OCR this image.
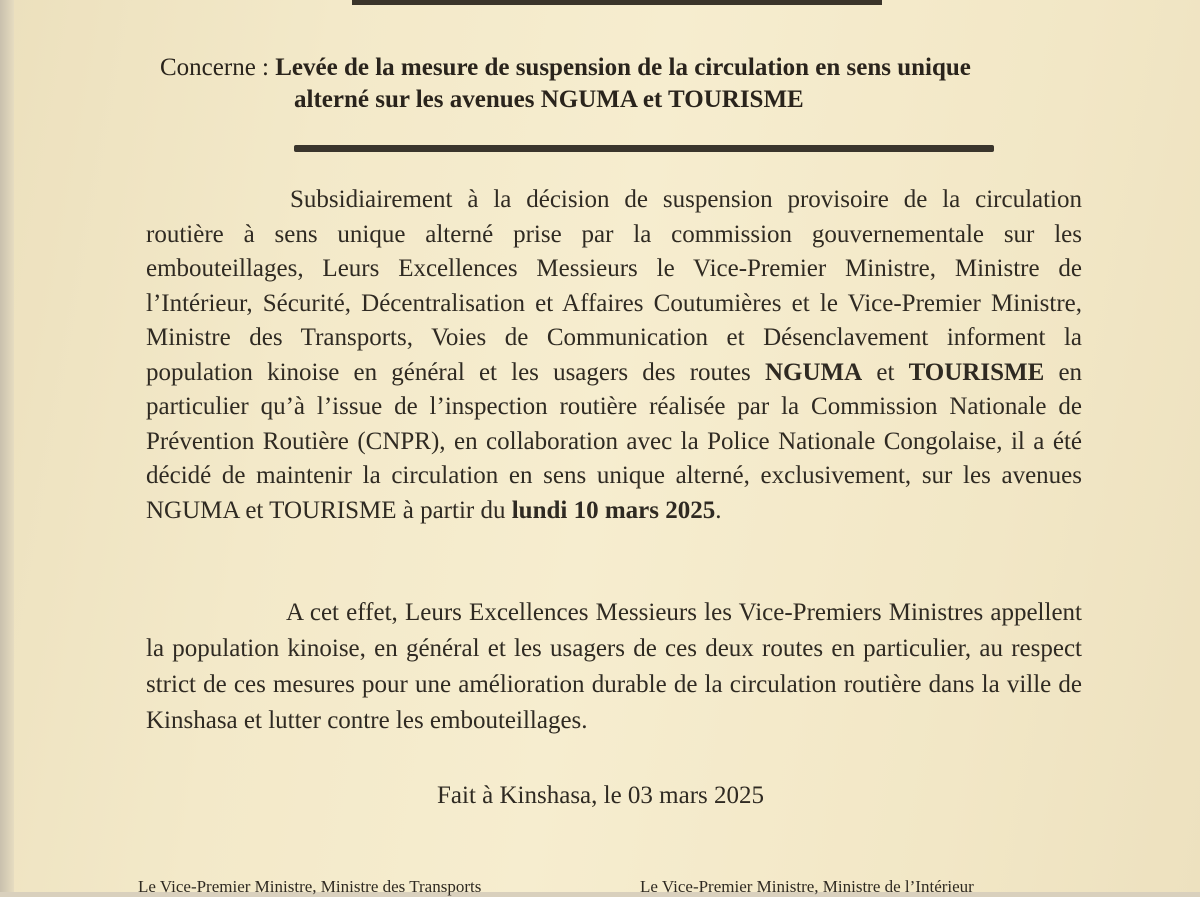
Concerne : Levée de la mesure de suspension de la circulation en sens unique
alterné sur les avenues NGUMA et TOURISME
Subsidiairement à la décision de suspension provisoire de la circulation routière à sens unique alterné prise par la commission gouvernementale sur les embouteillages, Leurs Excellences Messieurs le Vice-Premier Ministre, Ministre de l’Intérieur, Sécurité, Décentralisation et Affaires Coutumières et le Vice-Premier Ministre, Ministre des Transports, Voies de Communication et Désenclavement informent la population kinoise en général et les usagers des routes NGUMA et TOURISME en particulier qu’à l’issue de l’inspection routière réalisée par la Commission Nationale de Prévention Routière (CNPR), en collaboration avec la Police Nationale Congolaise, il a été décidé de maintenir la circulation en sens unique alterné, exclusivement, sur les avenues NGUMA et TOURISME à partir du lundi 10 mars 2025.
A cet effet, Leurs Excellences Messieurs les Vice-Premiers Ministres appellent la population kinoise, en général et les usagers de ces deux routes en particulier, au respect strict de ces mesures pour une amélioration durable de la circulation routière dans la ville de Kinshasa et lutter contre les embouteillages.
Fait à Kinshasa, le 03 mars 2025
Le Vice-Premier Ministre, Ministre des Transports	Le Vice-Premier Ministre, Ministre de l’Intérieur
